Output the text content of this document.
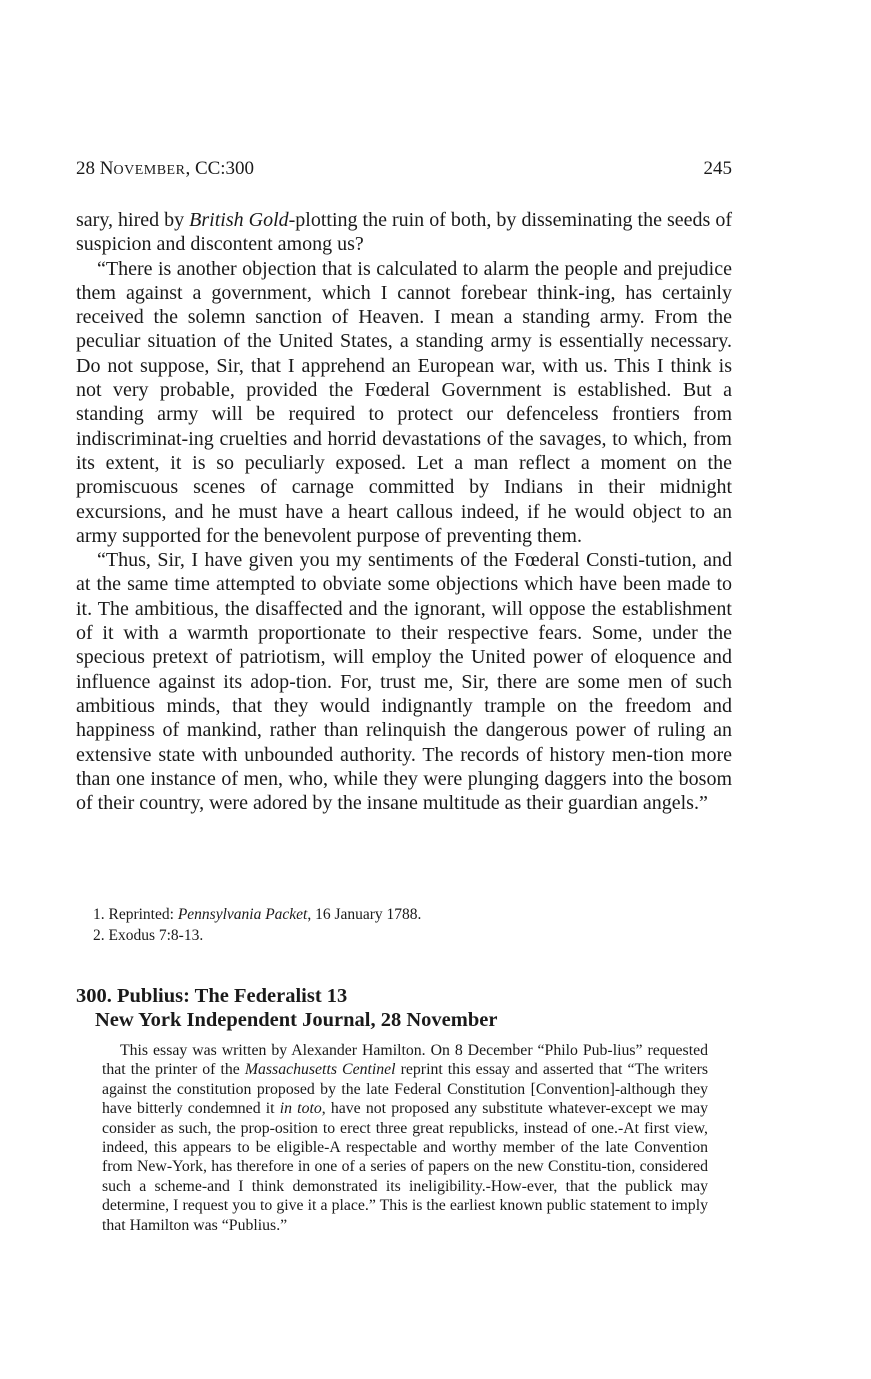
28 NOVEMBER, CC:300	245

sary, hired by British Gold-plotting the ruin of both, by disseminating the seeds of suspicion and discontent among us?

“There is another objection that is calculated to alarm the people and prejudice them against a government, which I cannot forebear think-ing, has certainly received the solemn sanction of Heaven. I mean a standing army. From the peculiar situation of the United States, a standing army is essentially necessary. Do not suppose, Sir, that I apprehend an European war, with us. This I think is not very probable, provided the Fœderal Government is established. But a standing army will be required to protect our defenceless frontiers from indiscriminat-ing cruelties and horrid devastations of the savages, to which, from its extent, it is so peculiarly exposed. Let a man reflect a moment on the promiscuous scenes of carnage committed by Indians in their midnight excursions, and he must have a heart callous indeed, if he would object to an army supported for the benevolent purpose of preventing them.

“Thus, Sir, I have given you my sentiments of the Fœderal Consti-tution, and at the same time attempted to obviate some objections which have been made to it. The ambitious, the disaffected and the ignorant, will oppose the establishment of it with a warmth proportionate to their respective fears. Some, under the specious pretext of patriotism, will employ the United power of eloquence and influence against its adop-tion. For, trust me, Sir, there are some men of such ambitious minds, that they would indignantly trample on the freedom and happiness of mankind, rather than relinquish the dangerous power of ruling an extensive state with unbounded authority. The records of history men-tion more than one instance of men, who, while they were plunging daggers into the bosom of their country, were adored by the insane multitude as their guardian angels.”

1. Reprinted: Pennsylvania Packet, 16 January 1788.
2. Exodus 7:8-13.
300. Publius: The Federalist 13
New York Independent Journal, 28 November

This essay was written by Alexander Hamilton. On 8 December “Philo Pub-lius” requested that the printer of the Massachusetts Centinel reprint this essay and asserted that “The writers against the constitution proposed by the late Federal Constitution [Convention]-although they have bitterly condemned it in toto, have not proposed any substitute whatever-except we may consider as such, the prop-osition to erect three great republicks, instead of one.-At first view, indeed, this appears to be eligible-A respectable and worthy member of the late Convention from New-York, has therefore in one of a series of papers on the new Constitu-tion, considered such a scheme-and I think demonstrated its ineligibility.-How-ever, that the publick may determine, I request you to give it a place.” This is the earliest known public statement to imply that Hamilton was “Publius.”
